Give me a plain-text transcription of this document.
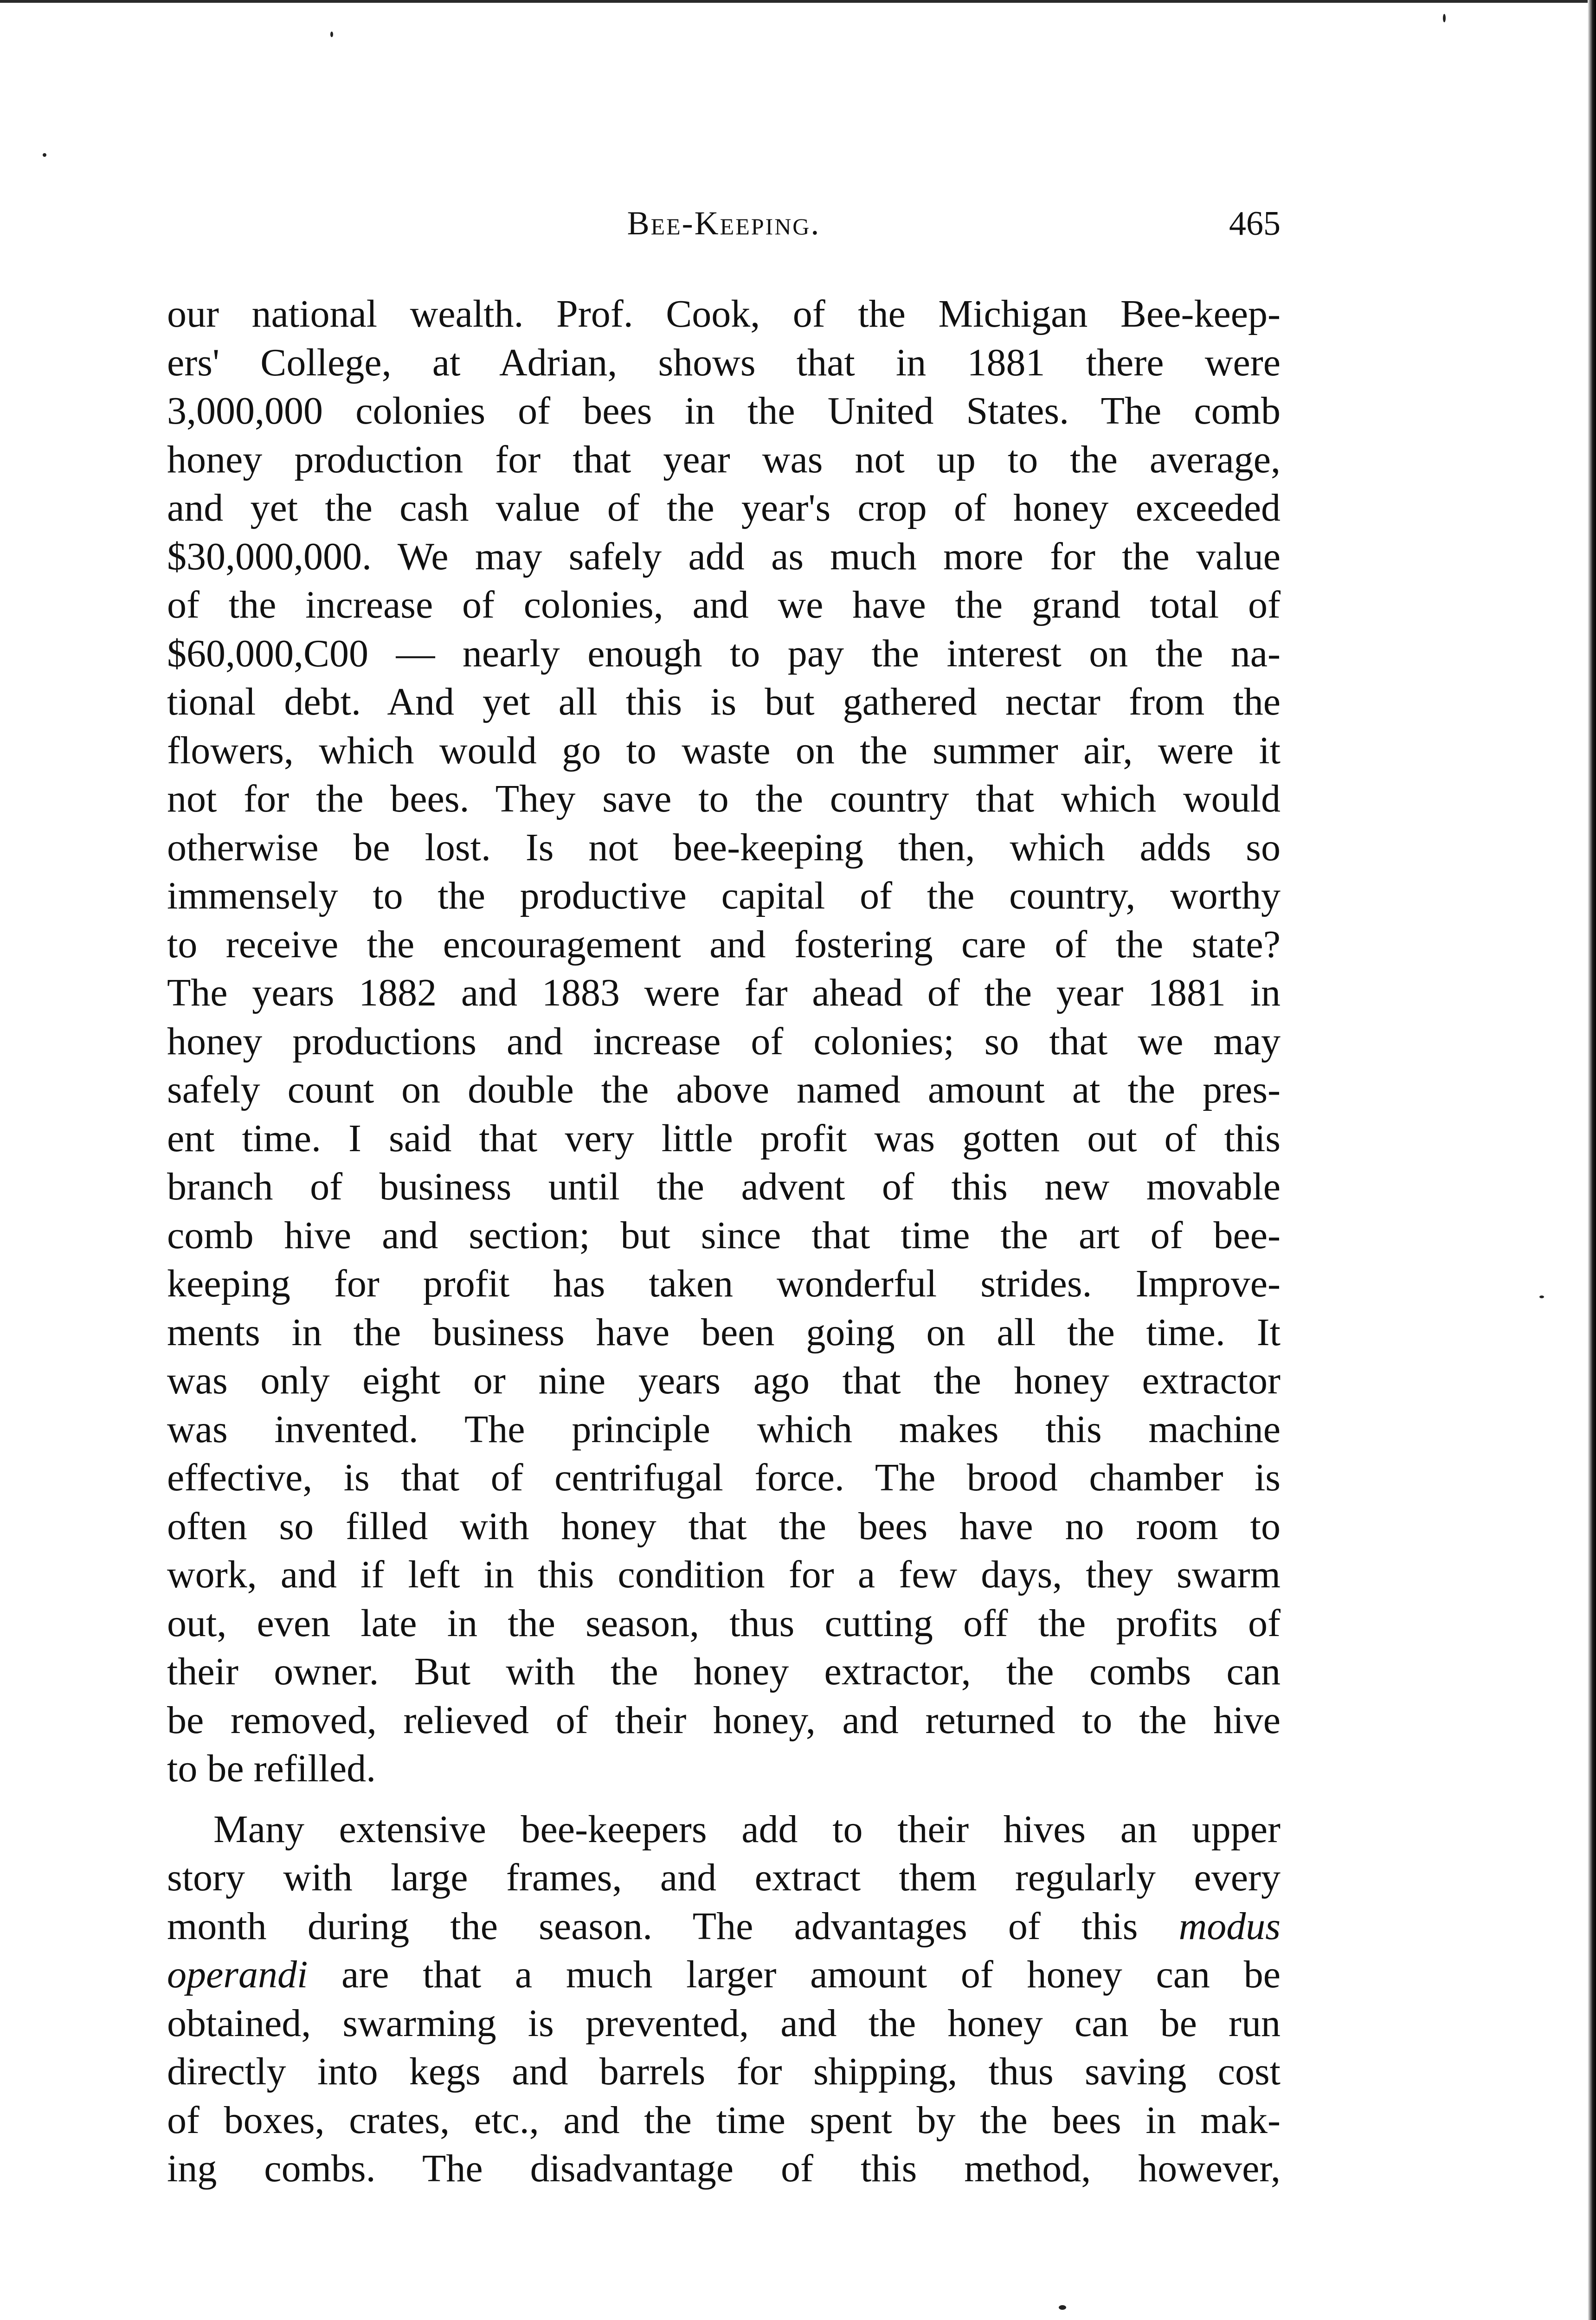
Bee-Keeping.	465
our national wealth. Prof. Cook, of the Michigan Bee-keep-
ers' College, at Adrian, shows that in 1881 there were
3,000,000 colonies of bees in the United States. The comb
honey production for that year was not up to the average,
and yet the cash value of the year's crop of honey exceeded
$30,000,000. We may safely add as much more for the value
of the increase of colonies, and we have the grand total of
$60,000,C00 — nearly enough to pay the interest on the na-
tional debt. And yet all this is but gathered nectar from the
flowers, which would go to waste on the summer air, were it
not for the bees. They save to the country that which would
otherwise be lost. Is not bee-keeping then, which adds so
immensely to the productive capital of the country, worthy
to receive the encouragement and fostering care of the state?
The years 1882 and 1883 were far ahead of the year 1881 in
honey productions and increase of colonies; so that we may
safely count on double the above named amount at the pres-
ent time. I said that very little profit was gotten out of this
branch of business until the advent of this new movable
comb hive and section; but since that time the art of bee-
keeping for profit has taken wonderful strides. Improve-
ments in the business have been going on all the time. It
was only eight or nine years ago that the honey extractor
was invented. The principle which makes this machine
effective, is that of centrifugal force. The brood chamber is
often so filled with honey that the bees have no room to
work, and if left in this condition for a few days, they swarm
out, even late in the season, thus cutting off the profits of
their owner. But with the honey extractor, the combs can
be removed, relieved of their honey, and returned to the hive
to be refilled.
Many extensive bee-keepers add to their hives an upper
story with large frames, and extract them regularly every
month during the season. The advantages of this modus
operandi are that a much larger amount of honey can be
obtained, swarming is prevented, and the honey can be run
directly into kegs and barrels for shipping, thus saving cost
of boxes, crates, etc., and the time spent by the bees in mak-
ing combs. The disadvantage of this method, however,
